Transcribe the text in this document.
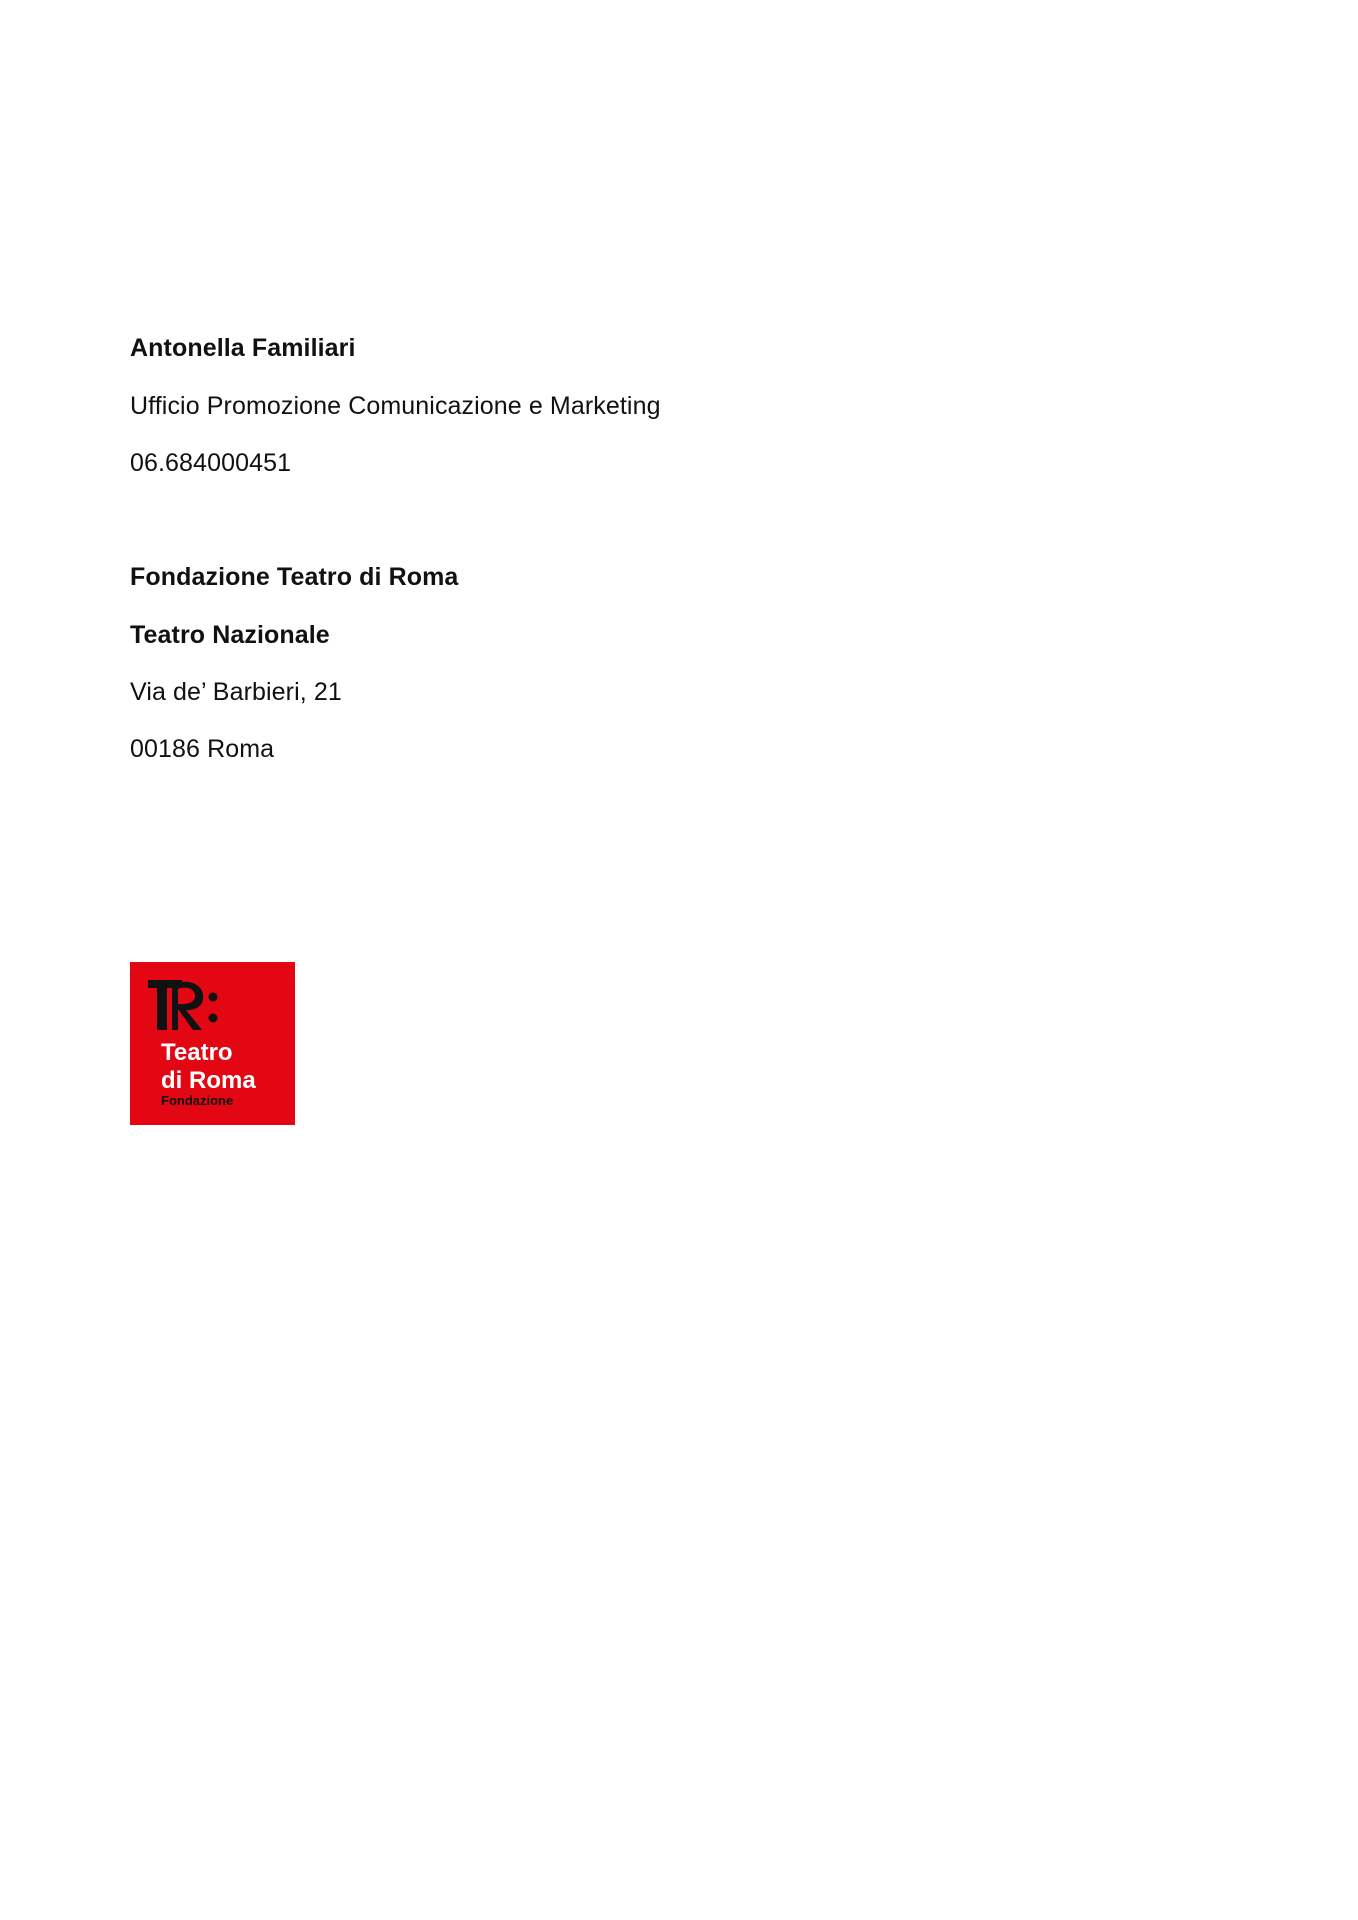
Antonella Familiari
Ufficio Promozione Comunicazione e Marketing
06.684000451
Fondazione Teatro di Roma
Teatro Nazionale
Via de’ Barbieri, 21
00186 Roma
Teatro
di Roma
Fondazione
